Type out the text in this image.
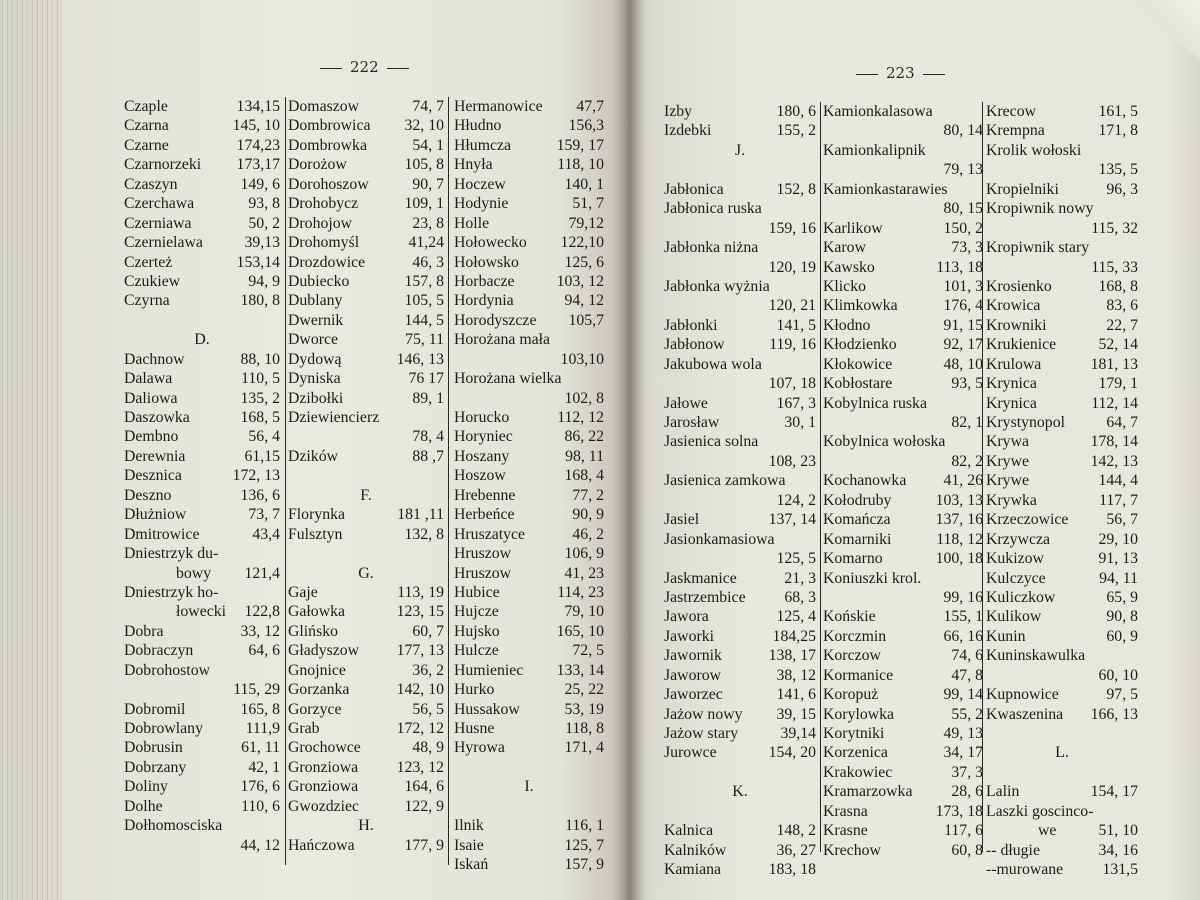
222
Czaple	134,15
Czarna	145, 10
Czarne	174,23
Czarnorzeki 173,17
Czaszyn	149, 6
Czerchawa	93, 8
Czerniawa	50, 2
Czernielawa	39,13
Czerteż	153,14
Czukiew	94, 9
Czyrna	180, 8
D.
Dachnow	88, 10
Dalawa	110, 5
Daliowa	135, 2
Daszowka	168, 5
Dembno	56, 4
Derewnia	61,15
Desznica	172, 13
Deszno	136, 6
Dłużniow	73, 7
Dmitrowice	43,4
Dniestrzyk du-
bowy 121,4
Dniestrzyk ho-
łowecki 122,8
Dobra	33, 12
Dobraczyn	64, 6
Dobrohostow
115, 29
Dobromil	165, 8
Dobrowlany	111,9
Dobrusin	61, 11
Dobrzany	42, 1
Doliny	176, 6
Dolhe	110, 6
Dołhomosciska
44, 12
Domaszow	74, 7
Dombrowica 32, 10
Dombrowka	54, 1
Dorożow	105, 8
Dorohoszow	90, 7
Drohobycz	109, 1
Drohojow	23, 8
Drohomyśl	41,24
Drozdowice	46, 3
Dubiecko	157, 8
Dublany	105, 5
Dwernik	144, 5
Dworce	75, 11
Dydową	146, 13
Dyniska	76 17
Dzibołki	89, 1
Dziewiencierz
78, 4
Dzików	88 ,7
F.
Florynka	181 ,11
Fulsztyn	132, 8
G.
Gaje	113, 19
Gałowka	123, 15
Glińsko	60, 7
Gładyszow 177, 13
Gnojnice	36, 2
Gorzanka	142, 10
Gorzyce	56, 5
Grab	172, 12
Grochowce	48, 9
Gronziowa 123, 12
Gronziowa	164, 6
Gwozdziec	122, 9
H.
Hańczowa	177, 9
Hermanowice 47,7
Hłudno	156,3
Hłumcza	159, 17
Hnyła	118, 10
Hoczew	140, 1
Hodynie	51, 7
Holle	79,12
Hołowecko 122,10
Hołowsko	125, 6
Horbacze	103, 12
Hordynia	94, 12
Horodyszcze 105,7
Horożana mała
103,10
Horożana wielka
102, 8
Horucko	112, 12
Horyniec	86, 22
Hoszany	98, 11
Hoszow	168, 4
Hrebenne	77, 2
Herbeńce	90, 9
Hruszatyce	46, 2
Hruszow	106, 9
Hruszow	41, 23
Hubice	114, 23
Hujcze	79, 10
Hujsko	165, 10
Hulcze	72, 5
Humieniec 133, 14
Hurko	25, 22
Hussakow	53, 19
Husne	118, 8
Hyrowa	171, 4
I.
Ilnik	116, 1
Isaie	125, 7
Iskań	157, 9
223
Izby	180, 6
Izdebki	155, 2
J.
Jabłonica	152, 8
Jabłonica ruska
159, 16
Jabłonka niżna
120, 19
Jabłonka wyżnia
120, 21
Jabłonki	141, 5
Jabłonow	119, 16
Jakubowa wola
107, 18
Jałowe	167, 3
Jarosław	30, 1
Jasienica solna
108, 23
Jasienica zamkowa
124, 2
Jasiel	137, 14
Jasionkamasiowa
125, 5
Jaskmanice	21, 3
Jastrzembice 68, 3
Jawora	125, 4
Jaworki	184,25
Jawornik	138, 17
Jaworow	38, 12
Jaworzec	141, 6
Jażow nowy 39, 15
Jażow stary	39,14
Jurowce	154, 20
K.
Kalnica	148, 2
Kalników	36, 27
Kamiana	183, 18
Kamionkalasowa
80, 14
Kamionkalipnik
79, 13
Kamionkastarawies
80, 15
Karlikow	150, 2
Karow	73, 3
Kawsko	113, 18
Klicko	101, 3
Klimkowka	176, 4
Kłodno	91, 15
Kłodzienko	92, 17
Kłokowice	48, 10
Kobłostare	93, 5
Kobylnica ruska
82, 1
Kobylnica wołoska
82, 2
Kochanowka 41, 26
Kołodruby	103, 13
Komańcza	137, 16
Komarniki	118, 12
Komarno	100, 18
Koniuszki krol.
99, 16
Końskie	155, 1
Korczmin	66, 16
Korczow	74, 6
Kormanice	47, 8
Koropuż	99, 14
Korylowka	55, 2
Korytniki	49, 13
Korzenica	34, 17
Krakowiec	37, 3
Kramarzowka 28, 6
Krasna	173, 18
Krasne	117, 6
Krechow	60, 8
Krecow	161, 5
Krempna	171, 8
Krolik wołoski
135, 5
Kropielniki	96, 3
Kropiwnik nowy
115, 32
Kropiwnik stary
115, 33
Krosienko	168, 8
Krowica	83, 6
Krowniki	22, 7
Krukienice	52, 14
Krulowa	181, 13
Krynica	179, 1
Krynica	112, 14
Krystynopol	64, 7
Krywa	178, 14
Krywe	142, 13
Krywe	144, 4
Krywka	117, 7
Krzeczowice 56, 7
Krzywcza	29, 10
Kukizow	91, 13
Kulczyce	94, 11
Kuliczkow	65, 9
Kulikow	90, 8
Kunin	60, 9
Kuninskawulka
60, 10
Kupnowice	97, 5
Kwaszenina 166, 13
L.
Lalin	154, 17
Laszki goscinco-
we	51, 10
-- długie	34, 16
--murowane 131,5
